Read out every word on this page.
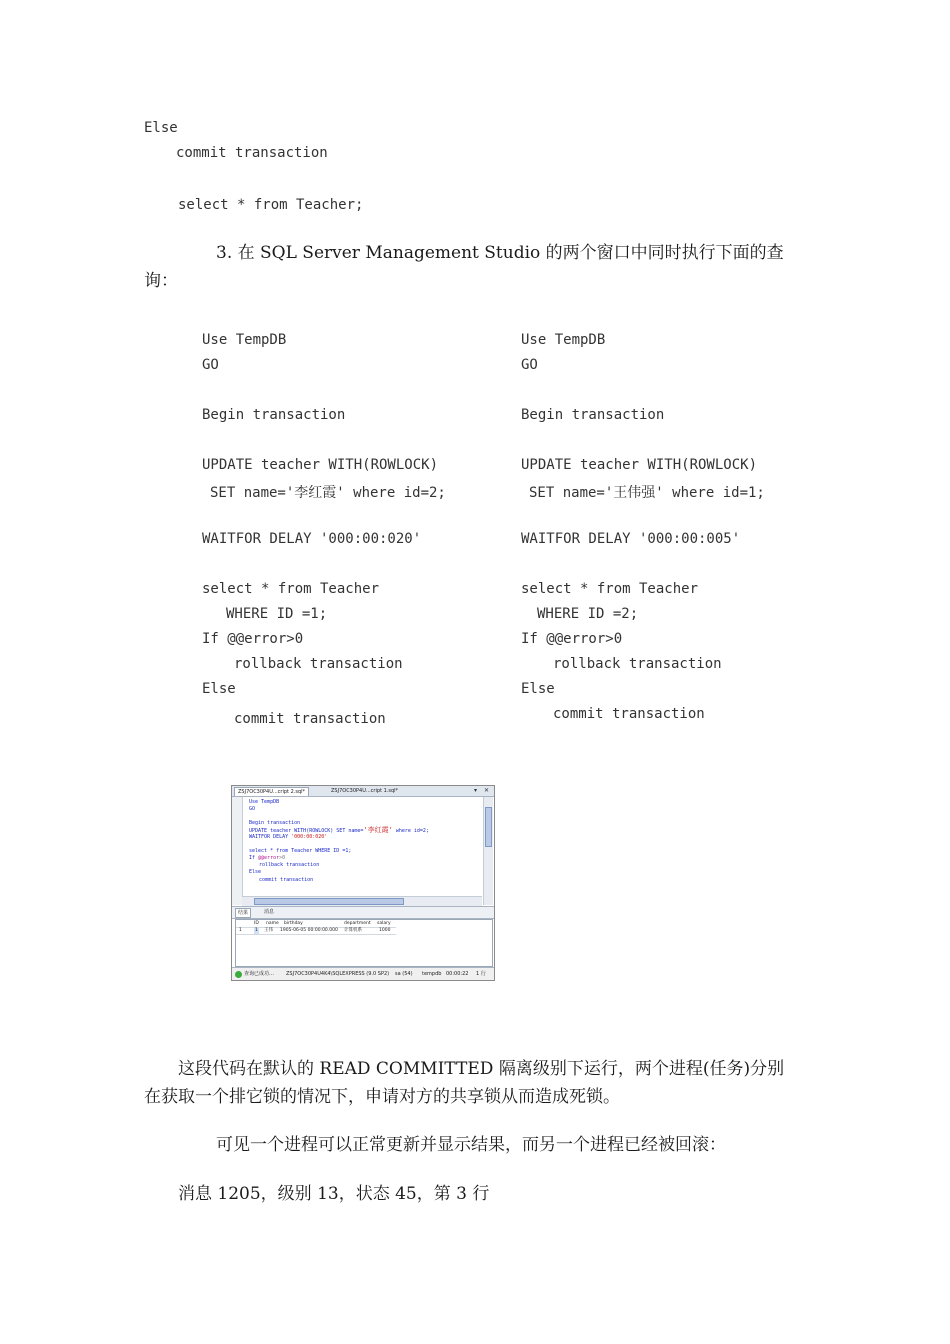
Else
commit transaction
select * from Teacher;
3. 在 SQL Server Management Studio 的两个窗口中同时执行下面的查
询：
Use TempDB
GO
Begin transaction
UPDATE teacher WITH(ROWLOCK)
SET name='李红霞' where id=2;
WAITFOR DELAY '000:00:020'
select * from Teacher
WHERE ID =1;
If @@error>0
rollback transaction
Else
commit transaction
Use TempDB
GO
Begin transaction
UPDATE teacher WITH(ROWLOCK)
SET name='王伟强' where id=1;
WAITFOR DELAY '000:00:005'
select * from Teacher
WHERE ID =2;
If @@error>0
rollback transaction
Else
commit transaction
ZSJ7OC30P4U...cript 2.sql*	ZSJ7OC30P4U...cript 1.sql*	▾ ✕
Use TempDB
GO
Begin transaction
UPDATE teacher WITH(ROWLOCK) SET name='李红霞' where id=2;
WAITFOR DELAY '000:00:020'
select * from Teacher WHERE ID =1;
If @@error>0
rollback transaction
Else
commit transaction
结果	消息
ID name birthday	department salary
1	1 王伟 1905-06-05 00:00:00.000 计算机系	1000
查询已成功… ZSJ7OC30P4U4K4\SQLEXPRESS (9.0 SP2) sa (54) tempdb 00:00:22 1 行
这段代码在默认的 READ COMMITTED 隔离级别下运行，两个进程(任务)分别
在获取一个排它锁的情况下，申请对方的共享锁从而造成死锁。
可见一个进程可以正常更新并显示结果，而另一个进程已经被回滚：
消息 1205，级别 13，状态 45，第 3 行
